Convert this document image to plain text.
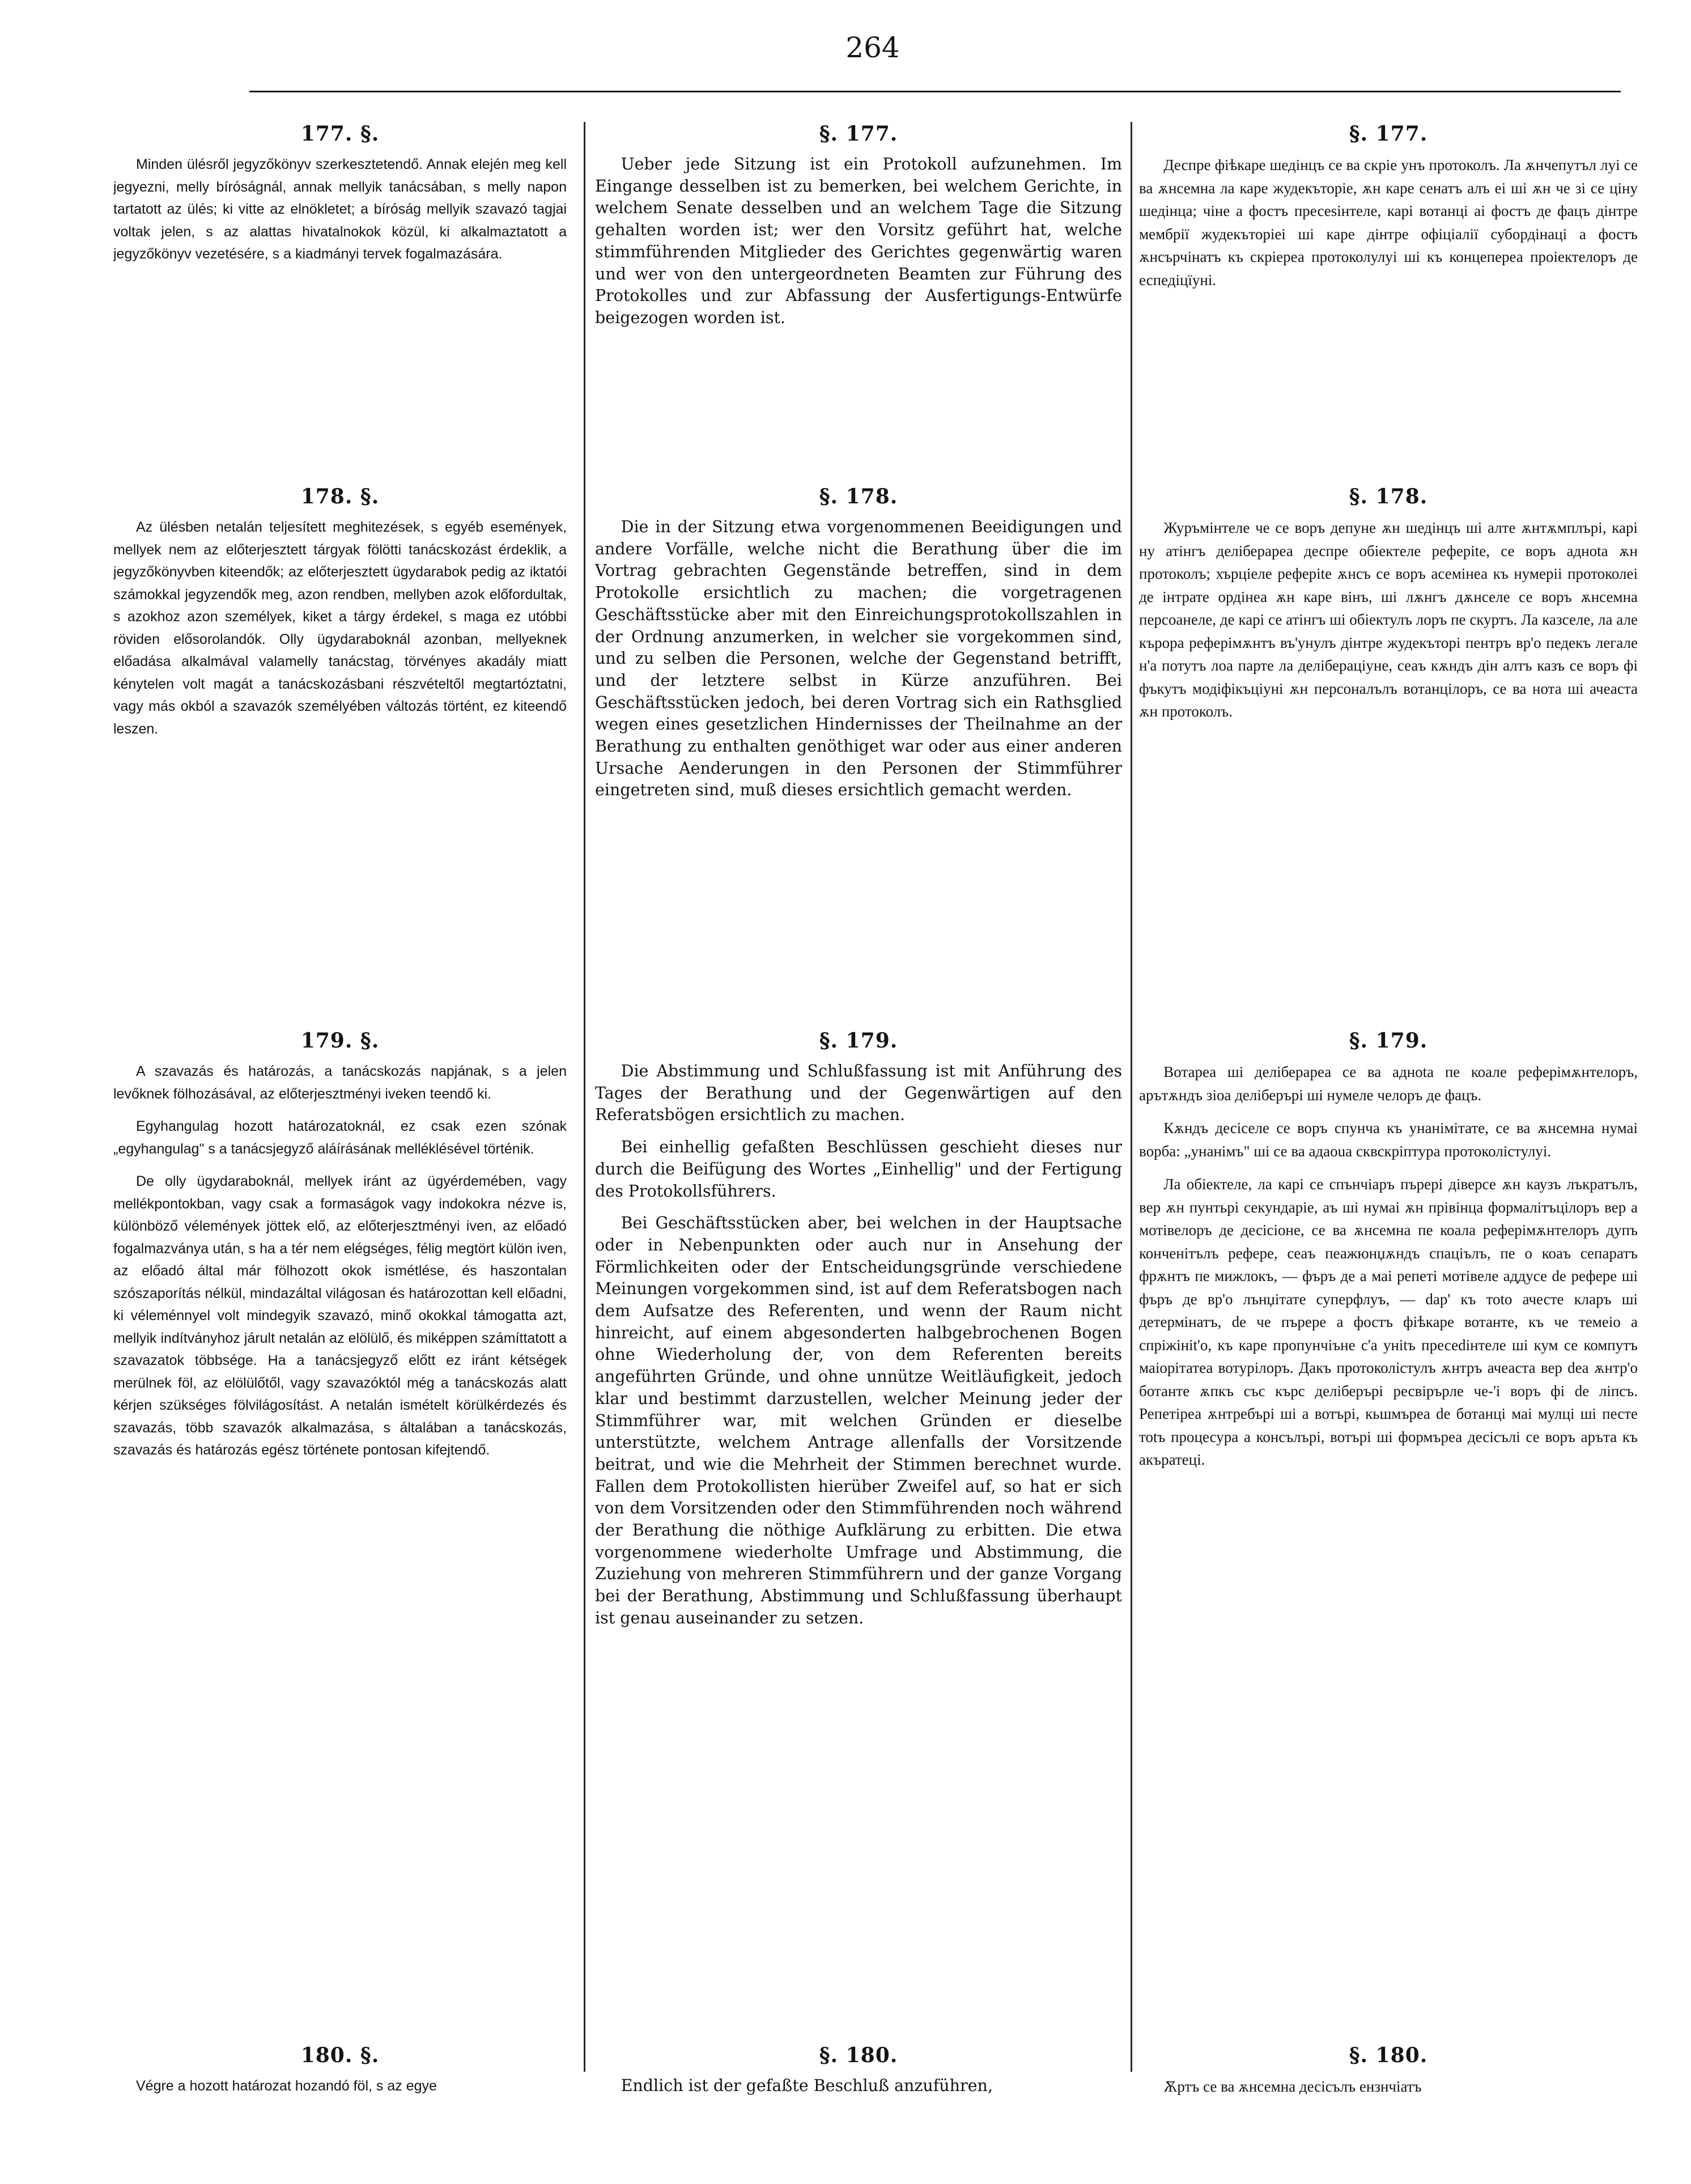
264
177. §.

Minden ülésről jegyzőkönyv szerkesztetendő. Annak elején meg kell jegyezni, melly bíróságnál, annak mellyik tanácsában, s melly napon tartatott az ülés; ki vitte az elnökletet; a bíróság mellyik szavazó tagjai voltak jelen, s az alattas hivatalnokok közül, ki alkalmaztatott a jegyzőkönyv vezetésére, s a kiadmányi tervek fogalmazására.

178. §.

Az ülésben netalán teljesített meghitezések, s egyéb események, mellyek nem az előterjesztett tárgyak fölötti tanácskozást érdeklik, a jegyzőkönyvben kiteendők; az előterjesztett ügydarabok pedig az iktatói számokkal jegyzendők meg, azon rendben, mellyben azok előfordultak, s azokhoz azon személyek, kiket a tárgy érdekel, s maga ez utóbbi röviden elősorolandók. Olly ügydaraboknál azonban, mellyeknek előadása alkalmával valamelly tanácstag, törvényes akadály miatt kénytelen volt magát a tanácskozásbani részvételtől megtartóztatni, vagy más okból a szavazók személyében változás történt, ez kiteendő leszen.

179. §.

A szavazás és határozás, a tanácskozás napjának, s a jelen levőknek fölhozásával, az előterjesztményi iveken teendő ki.

Egyhangulag hozott határozatoknál, ez csak ezen szónak „egyhangulag" s a tanácsjegyző aláírásának melléklésével történik.

De olly ügydaraboknál, mellyek iránt az ügyérdemében, vagy mellékpontokban, vagy csak a formaságok vagy indokokra nézve is, különböző vélemények jöttek elő, az előterjesztményi iven, az előadó fogalmazványa után, s ha a tér nem elégséges, félig megtört külön iven, az előadó által már fölhozott okok ismétlése, és haszontalan szószaporítás nélkül, mindazáltal világosan és határozottan kell előadni, ki véleménnyel volt mindegyik szavazó, minő okokkal támogatta azt, mellyik indítványhoz járult netalán az elölülő, és miképpen számíttatott a szavazatok többsége. Ha a tanácsjegyző előtt ez iránt kétségek merülnek föl, az elölülőtől, vagy szavazóktól még a tanácskozás alatt kérjen szükséges fölvilágosítást. A netalán ismételt körülkérdezés és szavazás, több szavazók alkalmazása, s általában a tanácskozás, szavazás és határozás egész története pontosan kifejtendő.

180. §.

Végre a hozott határozat hozandó föl, s az egye

§. 177.

Ueber jede Sitzung ist ein Protokoll aufzunehmen. Im Eingange desselben ist zu bemerken, bei welchem Gerichte, in welchem Senate desselben und an welchem Tage die Sitzung gehalten worden ist; wer den Vorsitz geführt hat, welche stimmführenden Mitglieder des Gerichtes gegenwärtig waren und wer von den untergeordneten Beamten zur Führung des Protokolles und zur Abfassung der Ausfertigungs-Entwürfe beigezogen worden ist.

§. 178.

Die in der Sitzung etwa vorgenommenen Beeidigungen und andere Vorfälle, welche nicht die Berathung über die im Vortrag gebrachten Gegenstände betreffen, sind in dem Protokolle ersichtlich zu machen; die vorgetragenen Geschäftsstücke aber mit den Einreichungsprotokollszahlen in der Ordnung anzumerken, in welcher sie vorgekommen sind, und zu selben die Personen, welche der Gegenstand betrifft, und der letztere selbst in Kürze anzuführen. Bei Geschäftsstücken jedoch, bei deren Vortrag sich ein Rathsglied wegen eines gesetzlichen Hindernisses der Theilnahme an der Berathung zu enthalten genöthiget war oder aus einer anderen Ursache Aenderungen in den Personen der Stimmführer eingetreten sind, muß dieses ersichtlich gemacht werden.

§. 179.

Die Abstimmung und Schlußfassung ist mit Anführung des Tages der Berathung und der Gegenwärtigen auf den Referatsbögen ersichtlich zu machen.

Bei einhellig gefaßten Beschlüssen geschieht dieses nur durch die Beifügung des Wortes „Einhellig" und der Fertigung des Protokollsführers.

Bei Geschäftsstücken aber, bei welchen in der Hauptsache oder in Nebenpunkten oder auch nur in Ansehung der Förmlichkeiten oder der Entscheidungsgründe verschiedene Meinungen vorgekommen sind, ist auf dem Referatsbogen nach dem Aufsatze des Referenten, und wenn der Raum nicht hinreicht, auf einem abgesonderten halbgebrochenen Bogen ohne Wiederholung der, von dem Referenten bereits angeführten Gründe, und ohne unnütze Weitläufigkeit, jedoch klar und bestimmt darzustellen, welcher Meinung jeder der Stimmführer war, mit welchen Gründen er dieselbe unterstützte, welchem Antrage allenfalls der Vorsitzende beitrat, und wie die Mehrheit der Stimmen berechnet wurde. Fallen dem Protokollisten hierüber Zweifel auf, so hat er sich von dem Vorsitzenden oder den Stimmführenden noch während der Berathung die nöthige Aufklärung zu erbitten. Die etwa vorgenommene wiederholte Umfrage und Abstimmung, die Zuziehung von mehreren Stimmführern und der ganze Vorgang bei der Berathung, Abstimmung und Schlußfassung überhaupt ist genau auseinander zu setzen.

§. 180.

Endlich ist der gefaßte Beschluß anzuführen,

§. 177.

Деспре фіѣкаре шедінцъ се ва скріе унъ протоколъ. Ла ѫнчепутъл луі се ва ѫнсемна ла каре жудекъторіе, ѫн каре сенатъ алъ еі ші ѫн че зі се ціну шедінца; чіне а фостъ пресеѕінтеле, карі вотанці аі фостъ де фацъ дінтре мембрії жудекъторіеі ші каре дінтре офіціалії субордінаці а фостъ ѫнсърчінатъ къ скріереа протоколулуі ші къ концепереа проіектелоръ де еспедіцїуні.

§. 178.

Журъмінтеле че се воръ депуне ѫн шедінцъ ші алте ѫнтѫмплърі, карі ну атінгъ деліберареа деспре обіектеле рефеpite, се воръ адноta ѫн протоколъ; хърціеле рефеpite ѫнсъ се воръ асемінеа къ нумеріі протоколеі де інтрате ордінеа ѫн каре вінъ, ші лѫнгъ дѫнселе се воръ ѫнсемна персоанеле, де карі се атінгъ ші обіектулъ лоръ пе скуртъ. Ла казселе, ла але кърора реферімѫнтъ въ'унулъ дінтре жудекъторі пентръ вр'о педекъ легале н'а потутъ лоа парте ла делібераціуне, сеаъ кѫндъ дін алтъ казъ се воръ фі фъкутъ модіфікъціуні ѫн персоналълъ вотанцілоръ, се ва нота ші ачеаста ѫн протоколъ.

§. 179.

Вотареа ші деліберареа се ва адноtа пе коале реферімѫнтелоръ, арътѫндъ зіоа деліберърі ші нумеле челоръ де фацъ.

Кѫндъ десіселе се воръ спунча къ унанімітате, се ва ѫнсемна нумаі ворба: „унанімъ" ші се ва адаоuа сквскріптура протоколістулуі.

Ла обіектеле, ла карі се спънчіаръ пърері діверсе ѫн каузъ лъкратълъ, вер ѫн пунтьрі секундаріе, аъ ші нумаі ѫн прівінца формалітъцілоръ вер а мотівелоръ де десісіоне, се ва ѫнсемна пе коала реферімѫнтелоръ дупъ конченітълъ рефере, ceaъ пеажюнџѫндъ спаціълъ, пе o коаъ сепаратъ фрѫнтъ пе мижлокъ, — фъръ де а маі репеті мотівеле аддусе de рефере ші фъръ де вр'о лънџітате суперфлуъ, — dap' къ тоtо ачесте кларъ ші детермінатъ, dе че пърере а фостъ фіѣкаре вотанте, къ че темеіо а спріжініt'о, къ каре пропунчіъне с'а уніtъ пресеdінтеле ші кум се компутъ маіорітатеа вотурілоръ. Дакъ протоколістулъ ѫнтръ ачеаста вер dea ѫнтр'о ботанте ѫпкъ със кърс деліберърі ресвірърле че-'і воръ фі de ліпсъ. Репетіреа ѫнтребърі ші а вотърі, кьшмърea de ботанці маі мулці ші песте тоtъ процесура а консълърі, вотърі ші формъреа десісълі се воръ аръта къ акъратеці.

§. 180.

Ѫртъ се ва ѫнсемна десісълъ ензнчіатъ
